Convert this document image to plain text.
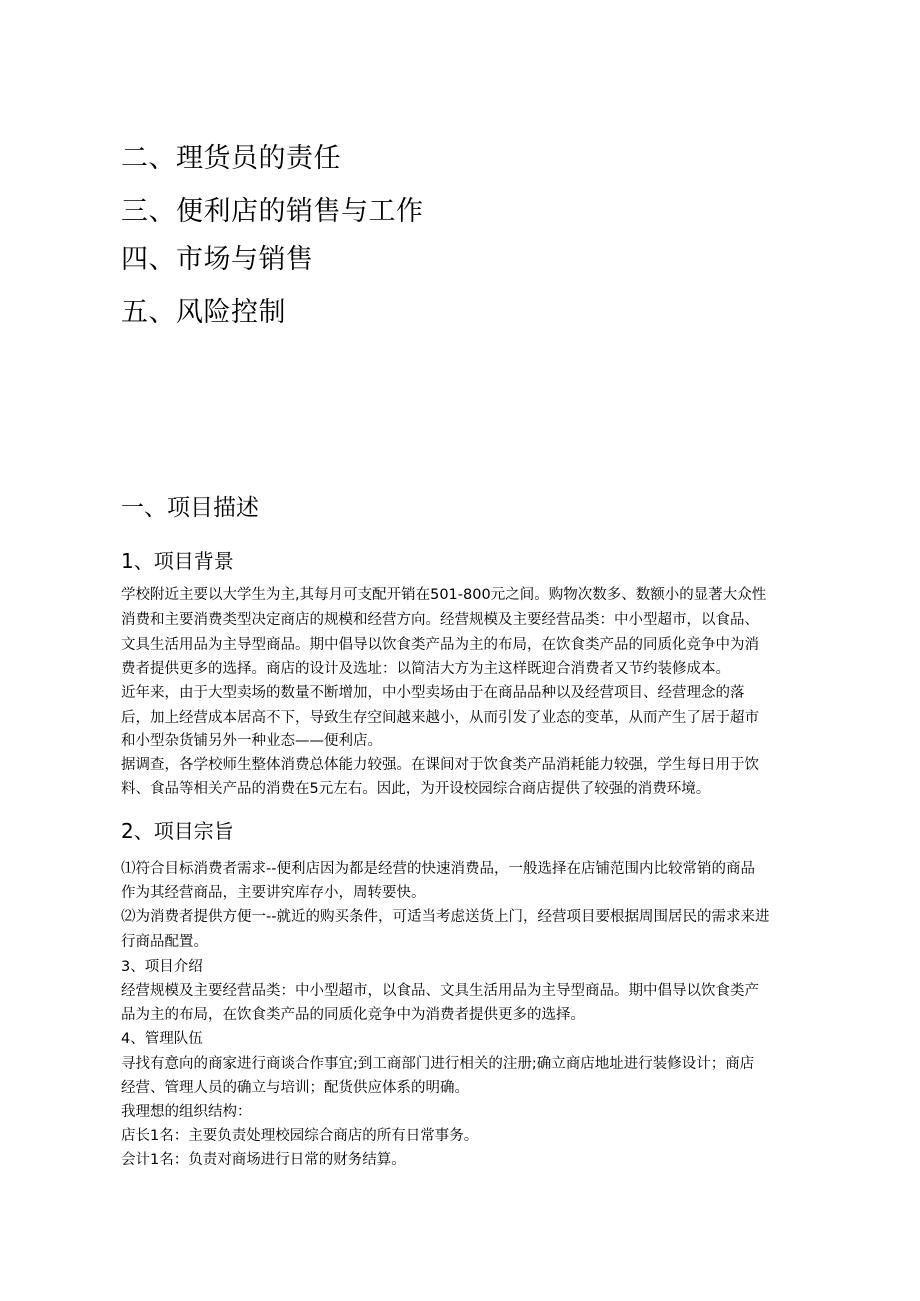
二、理货员的责任
三、便利店的销售与工作
四、市场与销售
五、风险控制
一、项目描述
1、项目背景
学校附近主要以大学生为主,其每月可支配开销在501-800元之间。购物次数多、数额小的显著大众性
消费和主要消费类型决定商店的规模和经营方向。经营规模及主要经营品类：中小型超市，以食品、
文具生活用品为主导型商品。期中倡导以饮食类产品为主的布局，在饮食类产品的同质化竞争中为消
费者提供更多的选择。商店的设计及选址：以简洁大方为主这样既迎合消费者又节约装修成本。
近年来，由于大型卖场的数量不断增加，中小型卖场由于在商品品种以及经营项目、经营理念的落
后，加上经营成本居高不下，导致生存空间越来越小，从而引发了业态的变革，从而产生了居于超市
和小型杂货铺另外一种业态——便利店。
据调查，各学校师生整体消费总体能力较强。在课间对于饮食类产品消耗能力较强，学生每日用于饮
料、食品等相关产品的消费在5元左右。因此，为开设校园综合商店提供了较强的消费环境。
2、项目宗旨
⑴符合目标消费者需求--便利店因为都是经营的快速消费品，一般选择在店铺范围内比较常销的商品
作为其经营商品，主要讲究库存小，周转要快。
⑵为消费者提供方便一--就近的购买条件，可适当考虑送货上门，经营项目要根据周围居民的需求来进
行商品配置。
3、项目介绍
经营规模及主要经营品类：中小型超市，以食品、文具生活用品为主导型商品。期中倡导以饮食类产
品为主的布局，在饮食类产品的同质化竞争中为消费者提供更多的选择。
4、管理队伍
寻找有意向的商家进行商谈合作事宜;到工商部门进行相关的注册;确立商店地址进行装修设计；商店
经营、管理人员的确立与培训；配货供应体系的明确。
我理想的组织结构：
店长1名：主要负责处理校园综合商店的所有日常事务。
会计1名：负责对商场进行日常的财务结算。
